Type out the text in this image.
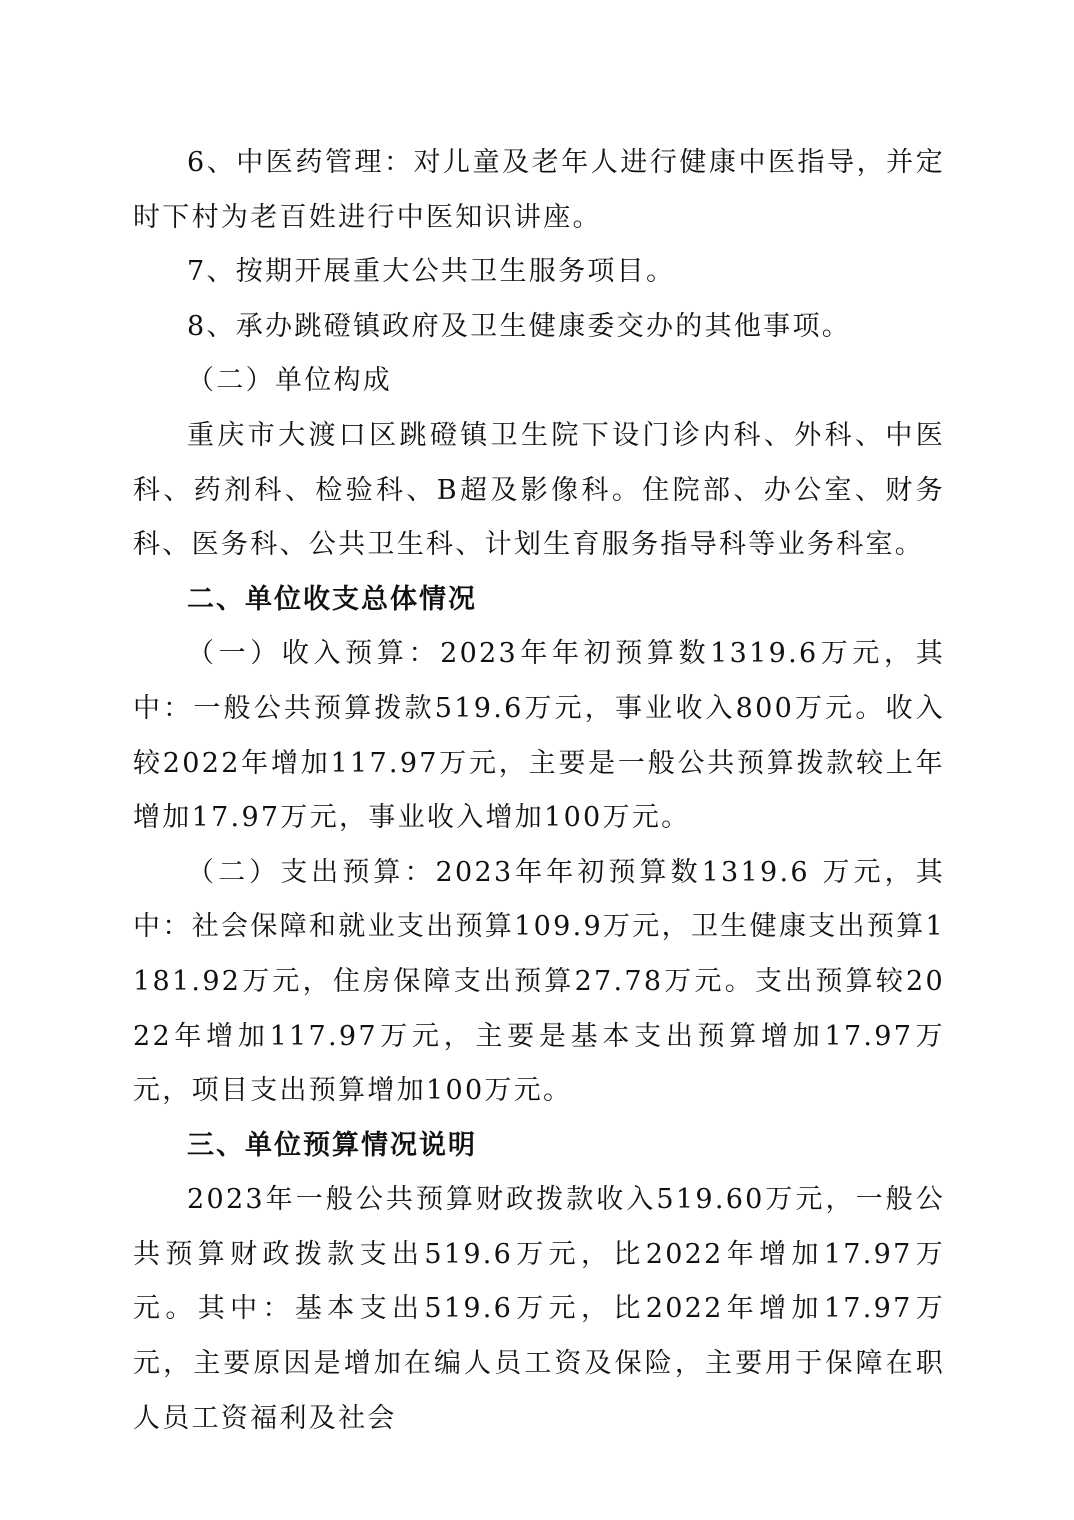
6、中医药管理：对儿童及老年人进行健康中医指导，并定时下村为老百姓进行中医知识讲座。

7、按期开展重大公共卫生服务项目。

8、承办跳磴镇政府及卫生健康委交办的其他事项。

（二）单位构成

重庆市大渡口区跳磴镇卫生院下设门诊内科、外科、中医科、药剂科、检验科、B超及影像科。住院部、办公室、财务科、医务科、公共卫生科、计划生育服务指导科等业务科室。

二、单位收支总体情况

（一）收入预算：2023年年初预算数1319.6万元，其中：一般公共预算拨款519.6万元，事业收入800万元。收入较2022年增加117.97万元，主要是一般公共预算拨款较上年增加17.97万元，事业收入增加100万元。

（二）支出预算：2023年年初预算数1319.6 万元，其中：社会保障和就业支出预算109.9万元，卫生健康支出预算1181.92万元，住房保障支出预算27.78万元。支出预算较2022年增加117.97万元，主要是基本支出预算增加17.97万元，项目支出预算增加100万元。

三、单位预算情况说明

2023年一般公共预算财政拨款收入519.60万元，一般公共预算财政拨款支出519.6万元，比2022年增加17.97万元。其中：基本支出519.6万元，比2022年增加17.97万元，主要原因是增加在编人员工资及保险，主要用于保障在职人员工资福利及社会
